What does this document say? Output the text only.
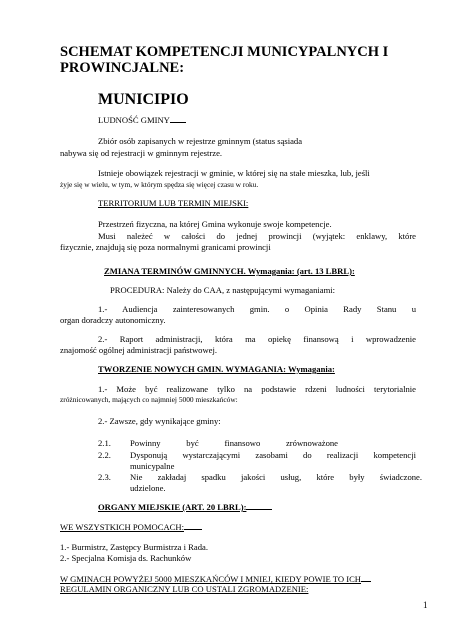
SCHEMAT KOMPETENCJI MUNICYPALNYCH I
PROWINCJALNE:
MUNICIPIO
LUDNOŚĆ GMINY
Zbiór osób zapisanych w rejestrze gminnym (status sąsiada
nabywa się od rejestracji w gminnym rejestrze.
Istnieje obowiązek rejestracji w gminie, w której się na stałe mieszka, lub, jeśli
żyje się w wielu, w tym, w którym spędza się więcej czasu w roku.
TERRITORIUM LUB TERMIN MIEJSKI:
Przestrzeń fizyczna, na której Gmina wykonuje swoje kompetencje.
Musi należeć w całości do jednej prowincji (wyjątek: enklawy, które
fizycznie, znajdują się poza normalnymi granicami prowincji
ZMIANA TERMINÓW GMINNYCH. Wymagania: (art. 13 LBRL):
PROCEDURA: Należy do CAA, z następującymi wymaganiami:
1.- Audiencja zainteresowanych gmin. o Opinia Rady Stanu u
organ doradczy autonomiczny.
2.- Raport administracji, która ma opiekę finansową i wprowadzenie
znajomość ogólnej administracji państwowej.
TWORZENIE NOWYCH GMIN. WYMAGANIA: Wymagania:
1.- Może być realizowane tylko na podstawie rdzeni ludności terytorialnie
zróżnicowanych, mających co najmniej 5000 mieszkańców:
2.- Zawsze, gdy wynikające gminy:
2.1. Powinny być finansowo zrównoważone
2.2. Dysponują wystarczającymi zasobami do realizacji kompetencji
municypalne
2.3. Nie zakładaj spadku jakości usług, które były świadczone.
udzielone.
ORGANY MIEJSKIE (ART. 20 LBRL):
WE WSZYSTKICH POMOCACH:
1.- Burmistrz, Zastępcy Burmistrza i Rada.
2.- Specjalna Komisja ds. Rachunków
W GMINACH POWYŻEJ 5000 MIESZKAŃCÓW I MNIEJ, KIEDY POWIE TO ICH
REGULAMIN ORGANICZNY LUB CO USTALI ZGROMADZENIE:
1
